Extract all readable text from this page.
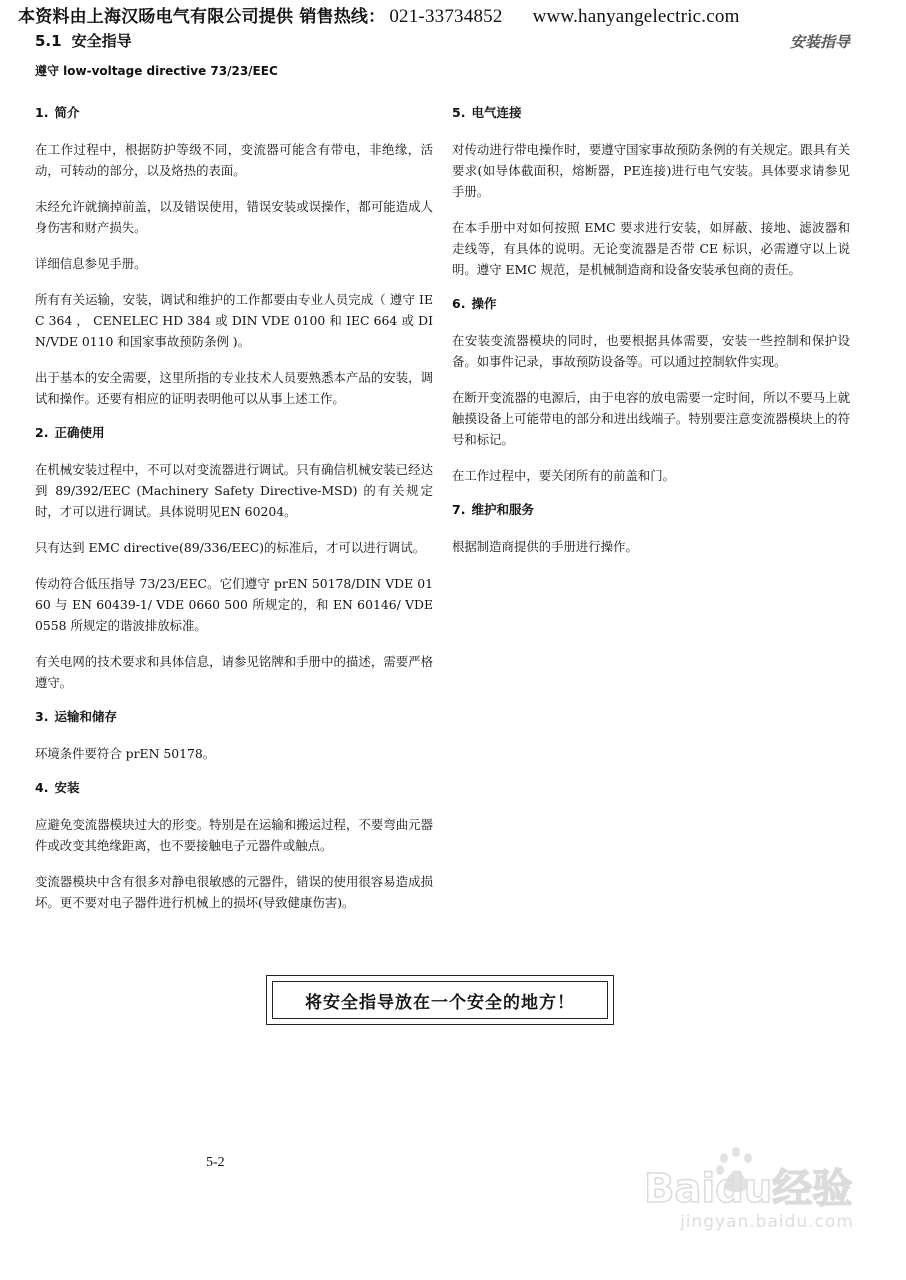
本资料由上海汉旸电气有限公司提供 销售热线： 021-33734852 www.hanyangelectric.com
5.1 安全指导	安装指导
遵守 low-voltage directive 73/23/EEC
1. 简介

在工作过程中，根据防护等级不同，变流器可能含有带电，非绝缘，活动，可转动的部分，以及烙热的表面。

未经允许就摘掉前盖，以及错误使用，错误安装或误操作，都可能造成人身伤害和财产损失。

详细信息参见手册。

所有有关运输，安装，调试和维护的工作都要由专业人员完成（ 遵守 IEC 364 ， CENELEC HD 384 或 DIN VDE 0100 和 IEC 664 或 DIN/VDE 0110 和国家事故预防条例 )。

出于基本的安全需要，这里所指的专业技术人员要熟悉本产品的安装，调试和操作。还要有相应的证明表明他可以从事上述工作。

2. 正确使用

在机械安装过程中，不可以对变流器进行调试。只有确信机械安装已经达到 89/392/EEC (Machinery Safety Directive-MSD) 的有关规定时，才可以进行调试。具体说明见EN 60204。

只有达到 EMC directive(89/336/EEC)的标准后，才可以进行调试。

传动符合低压指导 73/23/EEC。它们遵守 prEN 50178/DIN VDE 0160 与 EN 60439-1/ VDE 0660 500 所规定的，和 EN 60146/ VDE 0558 所规定的谐波排放标准。

有关电网的技术要求和具体信息，请参见铭牌和手册中的描述，需要严格遵守。

3. 运输和储存

环境条件要符合 prEN 50178。

4. 安装

应避免变流器模块过大的形变。特别是在运输和搬运过程，不要弯曲元器件或改变其绝缘距离，也不要接触电子元器件或触点。

变流器模块中含有很多对静电很敏感的元器件，错误的使用很容易造成损坏。更不要对电子器件进行机械上的损坏(导致健康伤害)。

5. 电气连接

对传动进行带电操作时，要遵守国家事故预防条例的有关规定。跟具有关要求(如导体截面积，熔断器，PE连接)进行电气安装。具体要求请参见手册。

在本手册中对如何按照 EMC 要求进行安装，如屏蔽、接地、滤波器和走线等，有具体的说明。无论变流器是否带 CE 标识，必需遵守以上说明。遵守 EMC 规范，是机械制造商和设备安装承包商的责任。

6. 操作

在安装变流器模块的同时，也要根据具体需要，安装一些控制和保护设备。如事件记录，事故预防设备等。可以通过控制软件实现。

在断开变流器的电源后，由于电容的放电需要一定时间，所以不要马上就触摸设备上可能带电的部分和进出线端子。特别要注意变流器模块上的符号和标记。

在工作过程中，要关闭所有的前盖和门。

7. 维护和服务

根据制造商提供的手册进行操作。

将安全指导放在一个安全的地方！
5-2
Baidu经验
jingyan.baidu.com
